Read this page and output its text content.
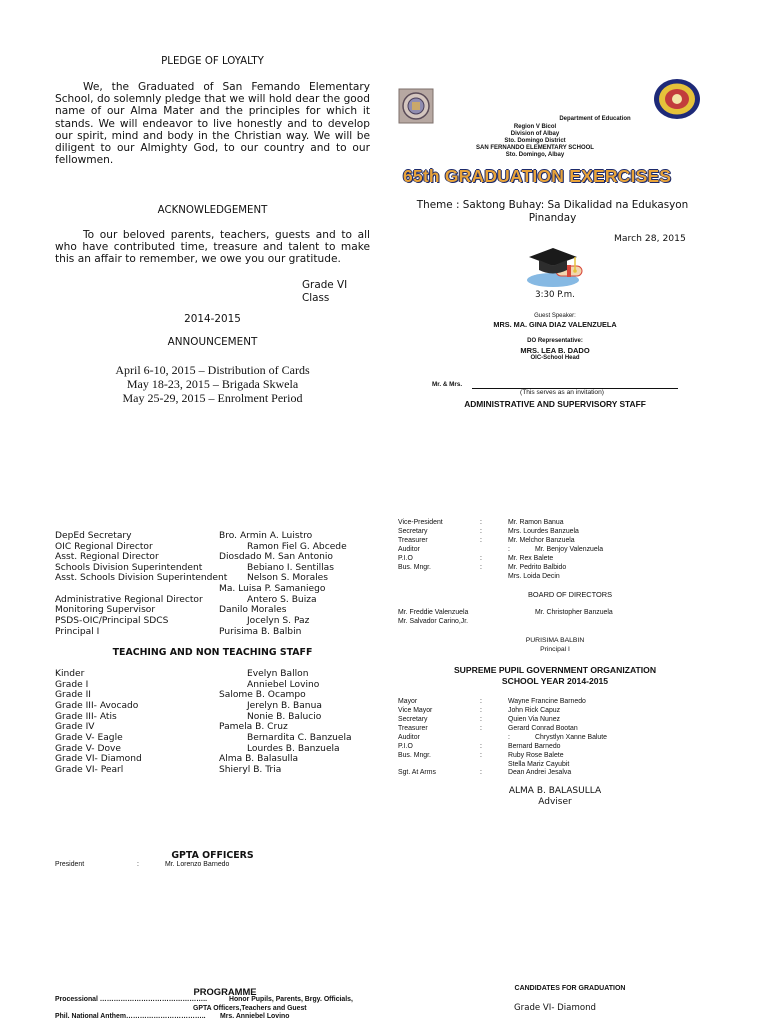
PLEDGE OF LOYALTY
We, the Graduated of San Femando Elementary School, do solemnly pledge that we will hold dear the good name of our Alma Mater and the principles for which it stands. We will endeavor to live honestly and to develop our spirit, mind and body in the Christian way. We will be diligent to our Almighty God, to our country and to our fellowmen.
ACKNOWLEDGEMENT
To our beloved parents, teachers, guests and to all who have contributed time, treasure and talent to make this an affair to remember, we owe you our gratitude.
Grade VI
Class
2014-2015
ANNOUNCEMENT
April 6-10, 2015 – Distribution of Cards
May 18-23, 2015 – Brigada Skwela
May 25-29, 2015 – Enrolment Period
DepEd Secretary	Bro. Armin A. Luistro
OIC Regional Director	Ramon Fiel G. Abcede
Asst. Regional Director	Diosdado M. San Antonio
Schools Division Superintendent	Bebiano I. Sentillas
Asst. Schools Division Superintendent Nelson S. Morales
Ma. Luisa P. Samaniego
Administrative Regional Director	Antero S. Buiza
Monitoring Supervisor	Danilo Morales
PSDS-OIC/Principal SDCS	Jocelyn S. Paz
Principal I	Purisima B. Balbin
TEACHING AND NON TEACHING STAFF
Kinder	Evelyn Ballon
Grade I	Anniebel Lovino
Grade II	Salome B. Ocampo
Grade III- Avocado	Jerelyn B. Banua
Grade III- Atis	Nonie B. Balucio
Grade IV	Pamela B. Cruz
Grade V- Eagle	Bernardita C. Banzuela
Grade V- Dove	Lourdes B. Banzuela
Grade VI- Diamond	Alma B. Balasulla
Grade VI- Pearl	Shieryl B. Tria
GPTA OFFICERS
President	:	Mr. Lorenzo Barnedo
PROGRAMME
Processional ………………………………………..	Honor Pupils, Parents, Brgy. Officials,
GPTA Officers,Teachers and Guest
Phil. National Anthem…………………………….. Mrs. Anniebel Lovino
Department of Education
Region V Bicol
Division of Albay
Sto. Domingo District
SAN FERNANDO ELEMENTARY SCHOOL
Sto. Domingo, Albay
65th GRADUATION EXERCISES
Theme : Saktong Buhay: Sa Dikalidad na Edukasyon Pinanday
March 28, 2015
3:30 P.m.
Guest Speaker:
MRS. MA. GINA DIAZ VALENZUELA
DO Representative:
MRS. LEA B. DADO
OIC-School Head
Mr. & Mrs.
(This serves as an invitation)
ADMINISTRATIVE AND SUPERVISORY STAFF
Vice-President	:	Mr. Ramon Banua
Secretary	:	Mrs. Lourdes Banzuela
Treasurer	:	Mr. Melchor Banzuela
Auditor	:	Mr. Benjoy Valenzuela
P.I.O	:	Mr. Rex Balete
Bus. Mngr.	:	Mr. Pedrito Balbido
Mrs. Loida Decin
BOARD OF DIRECTORS
Mr. Freddie Valenzuela	Mr. Christopher Banzuela
Mr. Salvador Carino,Jr.
PURISIMA BALBIN
Principal I
SUPREME PUPIL GOVERNMENT ORGANIZATION
SCHOOL YEAR 2014-2015
Mayor	:	Wayne Francine Barnedo
Vice Mayor	:	John Rick Capuz
Secretary	:	Quien Via Nunez
Treasurer	:	Gerard Conrad Bootan
Auditor	:	Chrystlyn Xanne Balute
P.I.O	:	Bernard Barnedo
Bus. Mngr.	:	Ruby Rose Balete
Stella Mariz Cayubit
Sgt. At Arms	:	Dean Andrei Jesalva
ALMA B. BALASULLA
Adviser
CANDIDATES FOR GRADUATION
Grade VI- Diamond
